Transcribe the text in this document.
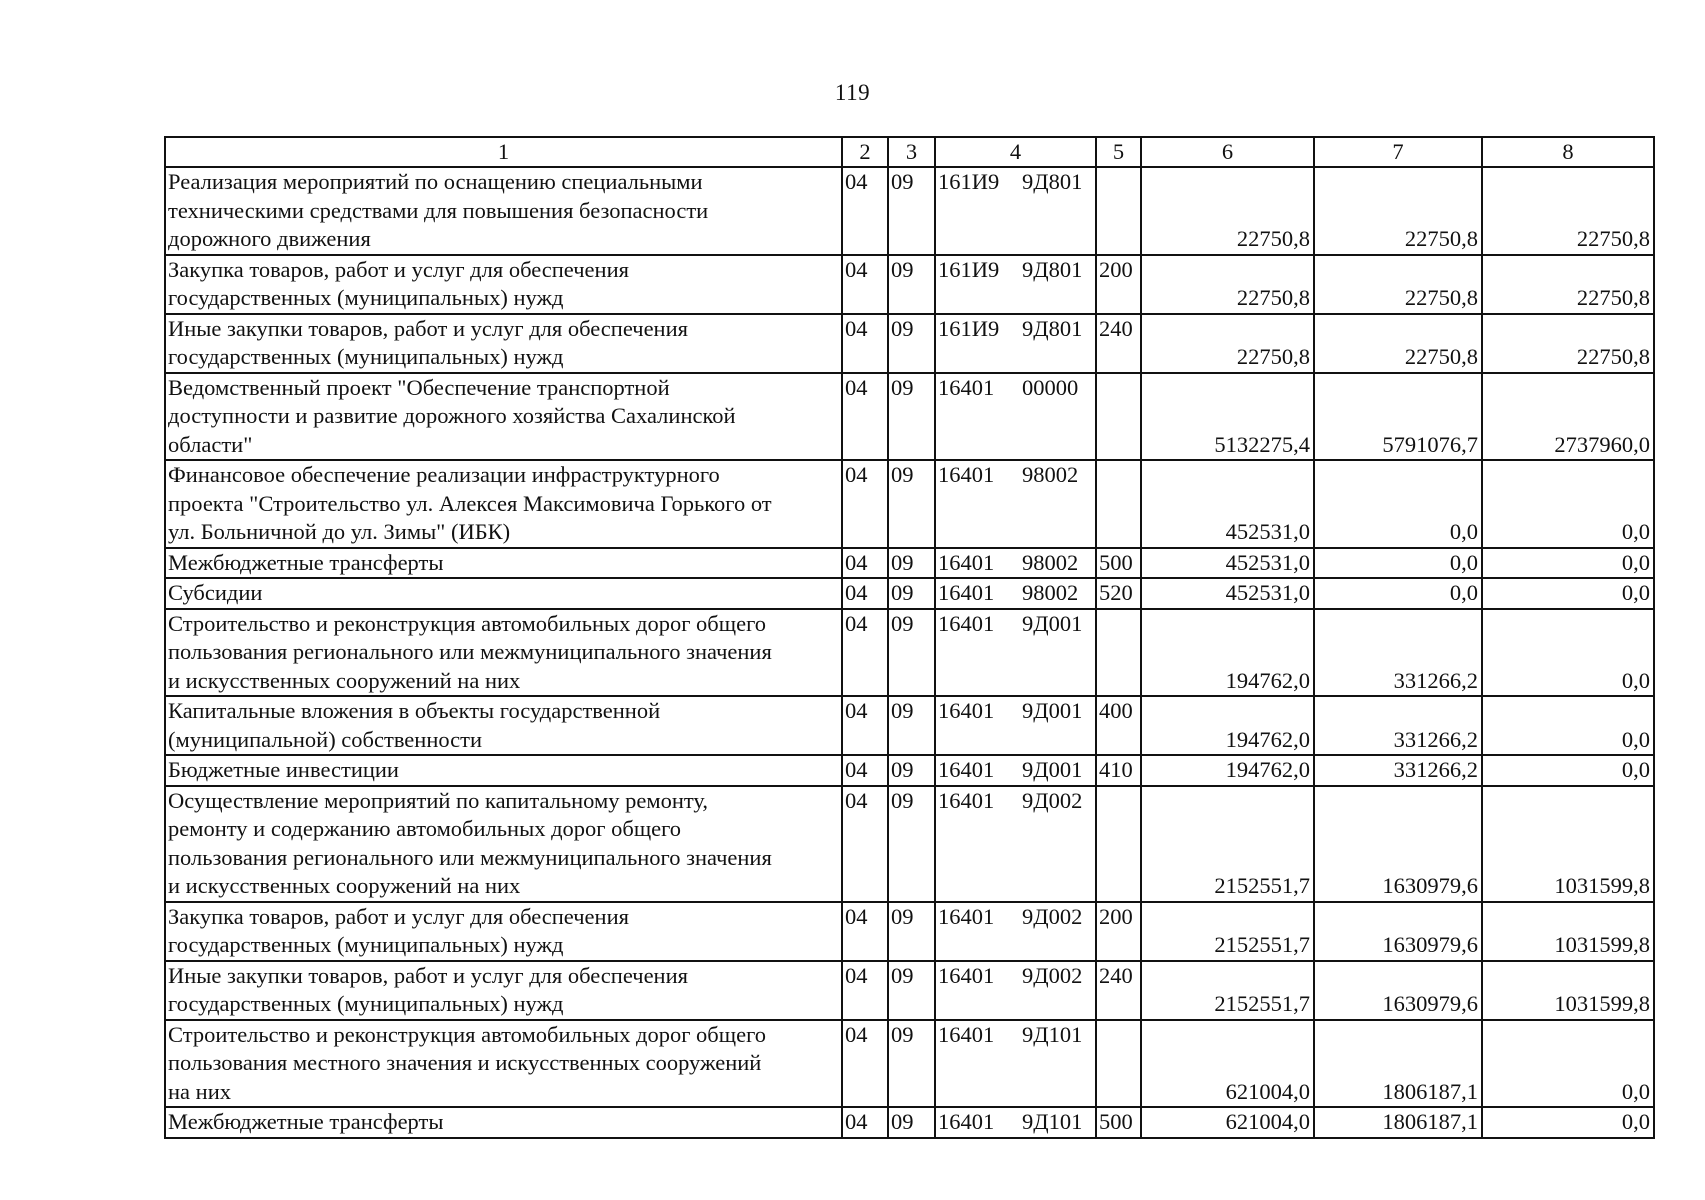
119
1	2	3	4	5	6	7	8

Реализация мероприятий по оснащению специальными
техническими средствами для повышения безопасности
дорожного движения	04	09	161И9 9Д801		22750,8	22750,8	22750,8

Закупка товаров, работ и услуг для обеспечения
государственных (муниципальных) нужд	04	09	161И9 9Д801	200	22750,8	22750,8	22750,8

Иные закупки товаров, работ и услуг для обеспечения
государственных (муниципальных) нужд	04	09	161И9 9Д801	240	22750,8	22750,8	22750,8

Ведомственный проект "Обеспечение транспортной
доступности и развитие дорожного хозяйства Сахалинской
области"	04	09	16401 00000		5132275,4	5791076,7	2737960,0

Финансовое обеспечение реализации инфраструктурного
проекта "Строительство ул. Алексея Максимовича Горького от
ул. Больничной до ул. Зимы" (ИБК)	04	09	16401 98002		452531,0	0,0	0,0

Межбюджетные трансферты	04	09	16401 98002	500	452531,0	0,0	0,0

Субсидии	04	09	16401 98002	520	452531,0	0,0	0,0

Строительство и реконструкция автомобильных дорог общего
пользования регионального или межмуниципального значения
и искусственных сооружений на них	04	09	16401 9Д001		194762,0	331266,2	0,0

Капитальные вложения в объекты государственной
(муниципальной) собственности	04	09	16401 9Д001	400	194762,0	331266,2	0,0

Бюджетные инвестиции	04	09	16401 9Д001	410	194762,0	331266,2	0,0

Осуществление мероприятий по капитальному ремонту,
ремонту и содержанию автомобильных дорог общего
пользования регионального или межмуниципального значения
и искусственных сооружений на них	04	09	16401 9Д002		2152551,7	1630979,6	1031599,8

Закупка товаров, работ и услуг для обеспечения
государственных (муниципальных) нужд	04	09	16401 9Д002	200	2152551,7	1630979,6	1031599,8

Иные закупки товаров, работ и услуг для обеспечения
государственных (муниципальных) нужд	04	09	16401 9Д002	240	2152551,7	1630979,6	1031599,8

Строительство и реконструкция автомобильных дорог общего
пользования местного значения и искусственных сооружений
на них	04	09	16401 9Д101		621004,0	1806187,1	0,0

Межбюджетные трансферты	04	09	16401 9Д101	500	621004,0	1806187,1	0,0
